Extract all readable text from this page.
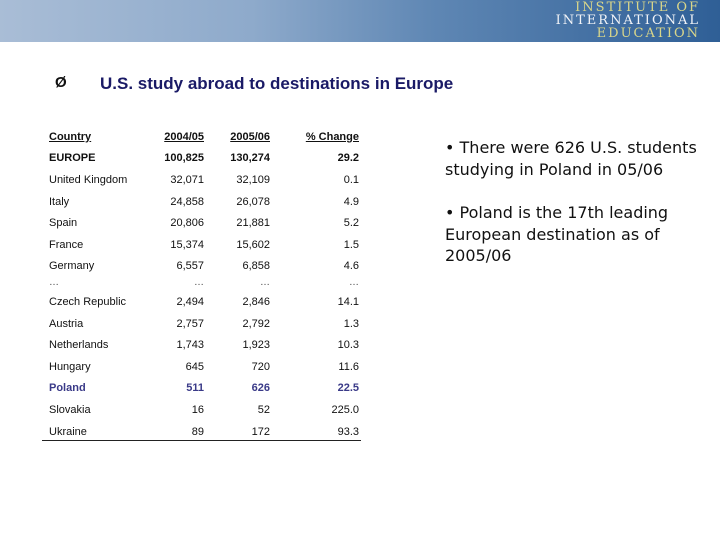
INSTITUTE OF
INTERNATIONAL
EDUCATION
Ø U.S. study abroad to destinations in Europe
Country	2004/05	2005/06	% Change
EUROPE	100,825	130,274	29.2
United Kingdom	32,071	32,109	0.1
Italy	24,858	26,078	4.9
Spain	20,806	21,881	5.2
France	15,374	15,602	1.5
Germany	6,557	6,858	4.6
…	…	…	…
Czech Republic	2,494	2,846	14.1
Austria	2,757	2,792	1.3
Netherlands	1,743	1,923	10.3
Hungary	645	720	11.6
Poland	511	626	22.5
Slovakia	16	52	225.0
Ukraine	89	172	93.3

• There were 626 U.S. students studying in Poland in 05/06

• Poland is the 17th leading European destination as of 2005/06
